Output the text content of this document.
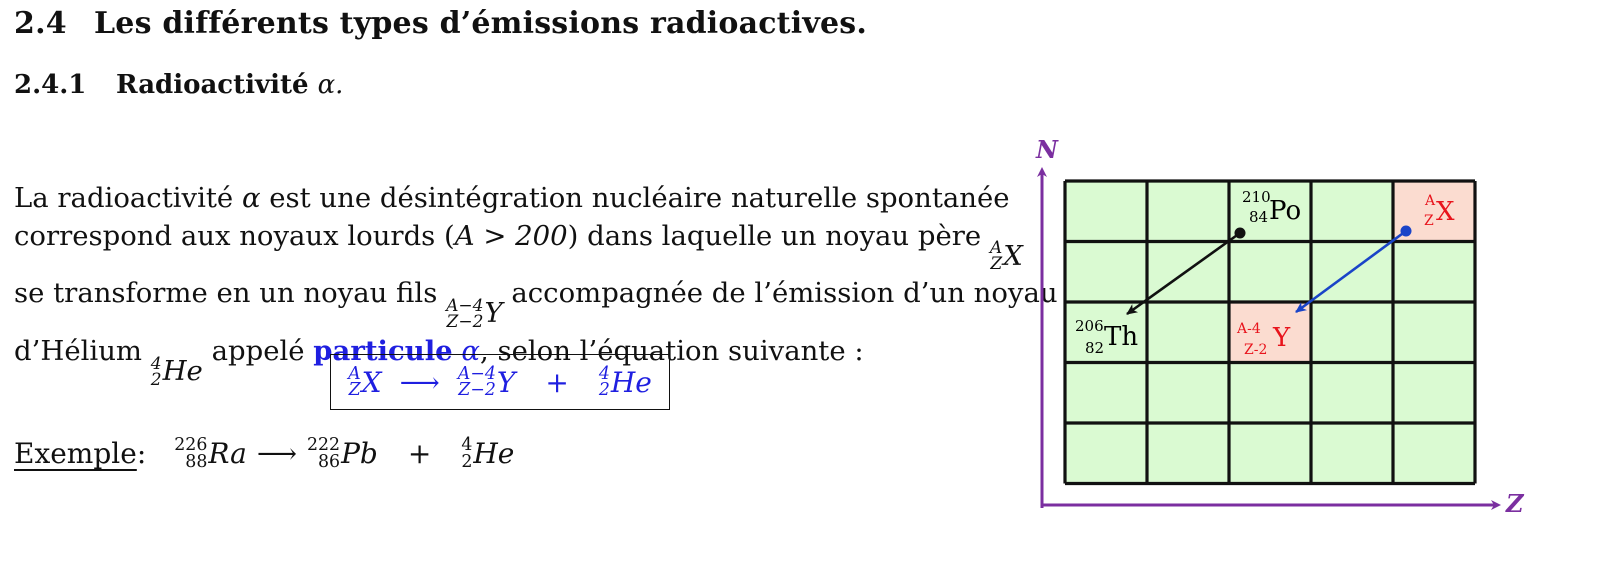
2.4 Les différents types d’émissions radioactives.
2.4.1 Radioactivité α.
La radioactivité α est une désintégration nucléaire naturelle spontanée
correspond aux noyaux lourds (A > 200) dans laquelle un noyau père A
Z X
se transforme en un noyau fils A−4
Z−2 Y
accompagnée de l’émission d’un noyau
d’Hélium 4
2 He
appelé particule α, selon l’équation suivante :
A
Z X ⟶ A−4
Z−2 Y + 4
2 He
Exemple : 226
88 Ra ⟶ 222
86 Pb + 4
2 He
N
Z
210
84 Po
206
82 Th
A
Z X
A-4
Z-2 Y
